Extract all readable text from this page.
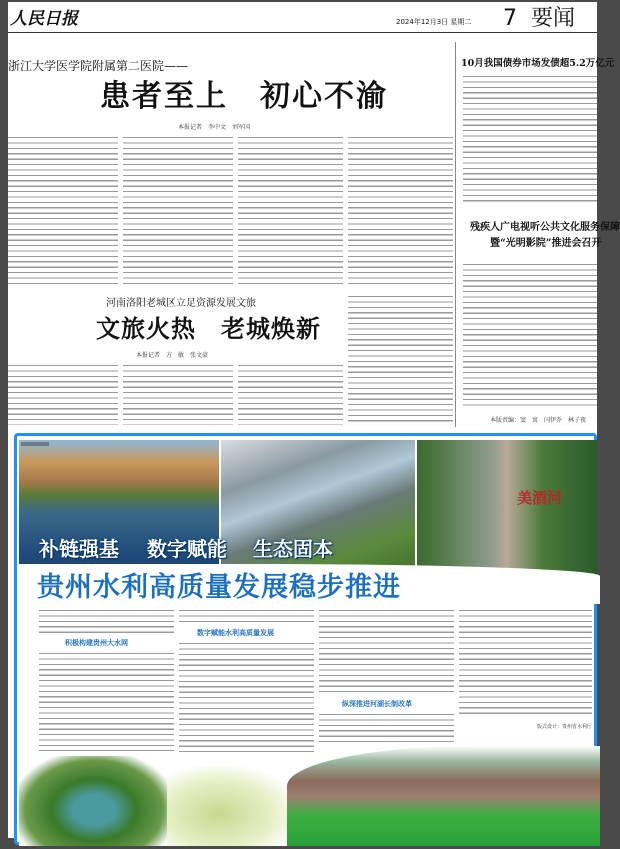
人民日报	2024年12月3日 星期二 7 要闻
浙江大学医学院附属第二医院——
患者至上　初心不渝
本报记者　李中文　刘军国
河南洛阳老城区立足资源发展文旅
文旅火热　老城焕新
本报记者　方　敏　张文豪
10月我国债券市场发债超5.2万亿元
残疾人广电视听公共文化服务保障
暨“光明影院”推进会召开
本版责编：窦　寓　闫伊乔　林子夜
美酒河
补链强基 数字赋能 生态固本
贵州水利高质量发展稳步推进
积极构建贵州大水网
数字赋能水利高质量发展
纵深推进河湖长制改革
版式设计：贵州省水利厅
